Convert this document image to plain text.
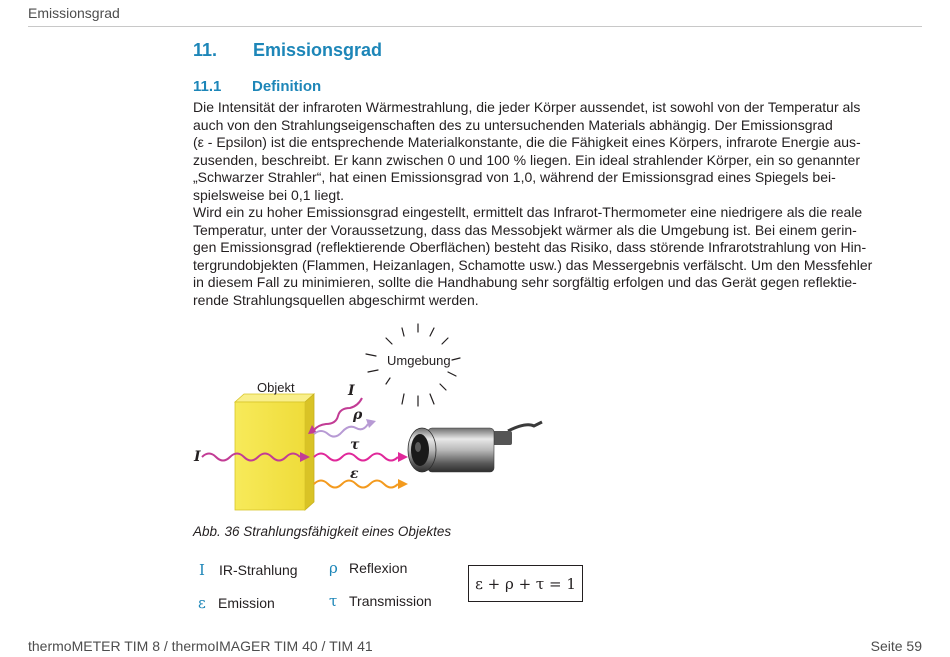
Emissionsgrad
11.	Emissionsgrad
11.1	Definition
Die Intensität der infraroten Wärmestrahlung, die jeder Körper aussendet, ist sowohl von der Temperatur als
auch von den Strahlungseigenschaften des zu untersuchenden Materials abhängig. Der Emissionsgrad
(ε - Epsilon) ist die entsprechende Materialkonstante, die die Fähigkeit eines Körpers, infrarote Energie aus-
zusenden, beschreibt. Er kann zwischen 0 und 100 % liegen. Ein ideal strahlender Körper, ein so genannter
„Schwarzer Strahler“, hat einen Emissionsgrad von 1,0, während der Emissionsgrad eines Spiegels bei-
spielsweise bei 0,1 liegt.
Wird ein zu hoher Emissionsgrad eingestellt, ermittelt das Infrarot-Thermometer eine niedrigere als die reale
Temperatur, unter der Voraussetzung, dass das Messobjekt wärmer als die Umgebung ist. Bei einem gerin-
gen Emissionsgrad (reflektierende Oberflächen) besteht das Risiko, dass störende Infrarotstrahlung von Hin-
tergrundobjekten (Flammen, Heizanlagen, Schamotte usw.) das Messergebnis verfälscht. Um den Messfehler
in diesem Fall zu minimieren, sollte die Handhabung sehr sorgfältig erfolgen und das Gerät gegen reflektie-
rende Strahlungsquellen abgeschirmt werden.
Umgebung
Objekt
I
I
ρ
τ
ε
Abb. 36 Strahlungsfähigkeit eines Objektes
I	IR-Strahlung ρ Reflexion
ε Emission	τ Transmission
ε + ρ + τ = 1
thermoMETER TIM 8 / thermoIMAGER TIM 40 / TIM 41	Seite 59
